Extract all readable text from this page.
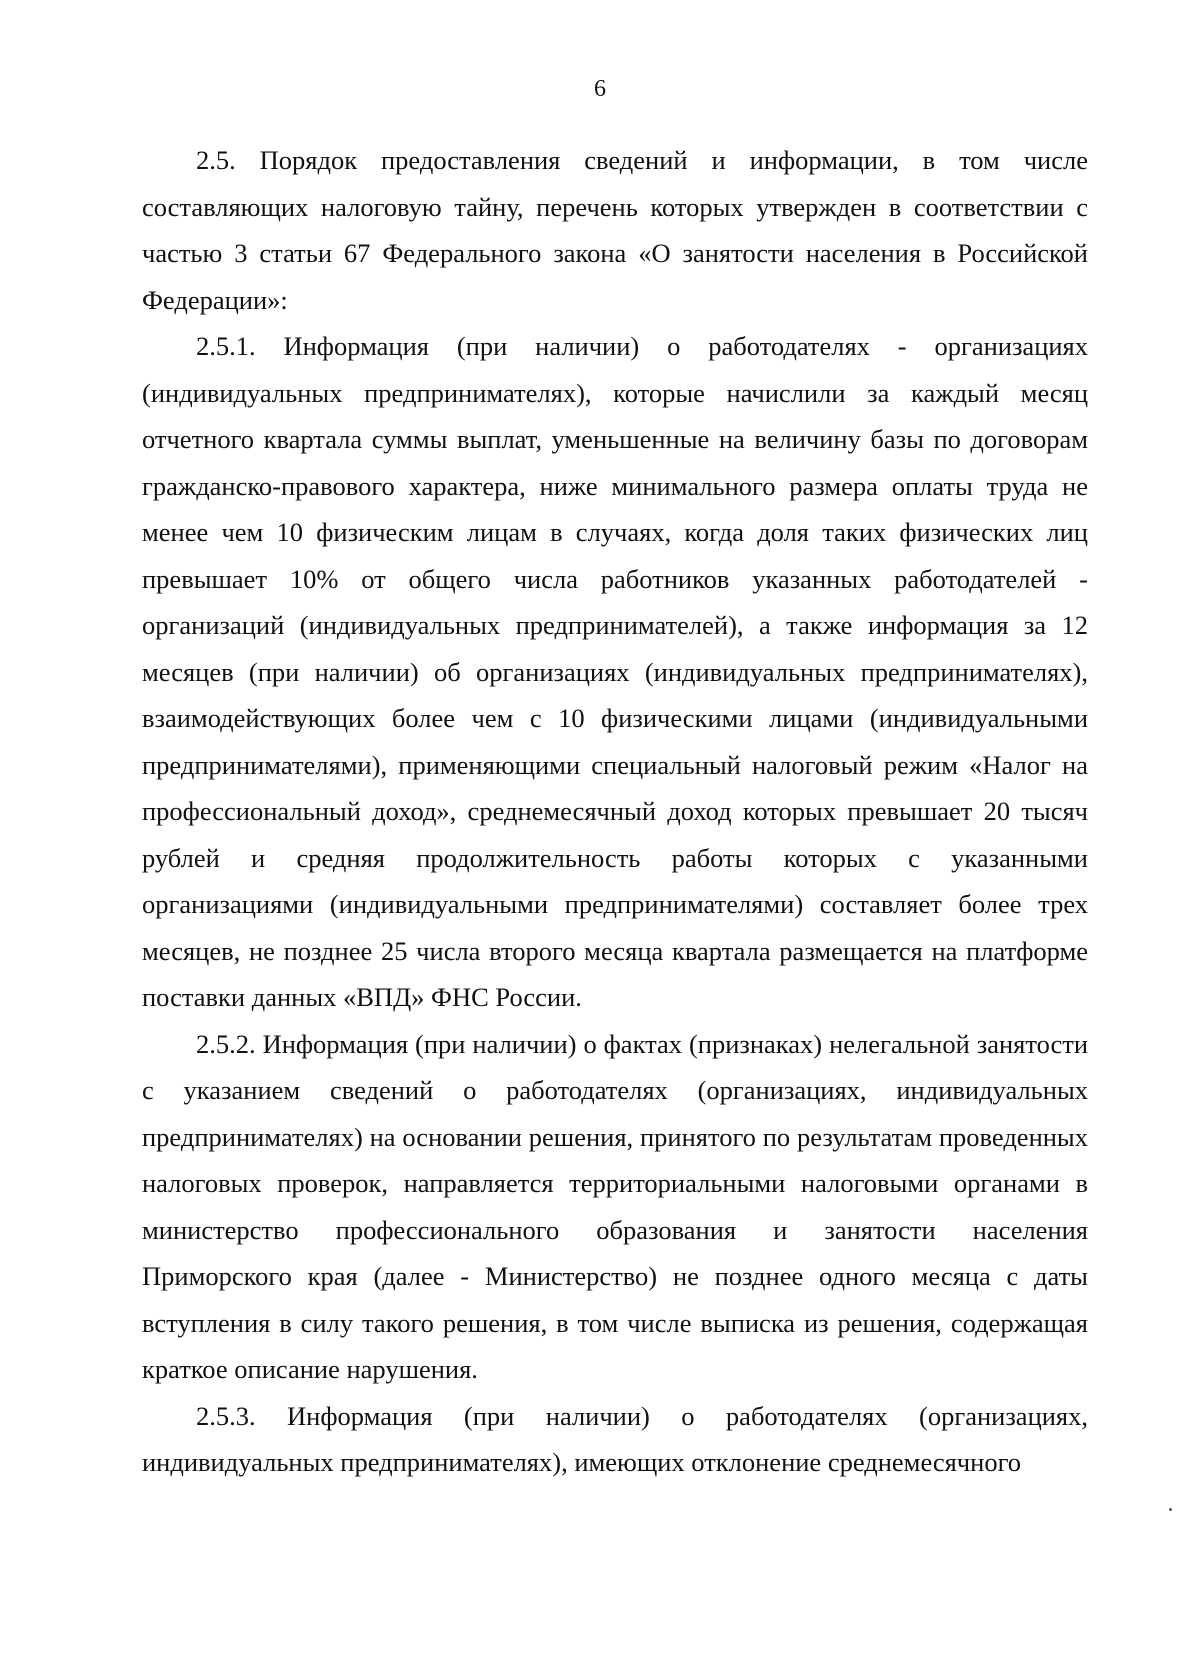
6

2.5. Порядок предоставления сведений и информации, в том числе составляющих налоговую тайну, перечень которых утвержден в соответствии с частью 3 статьи 67 Федерального закона «О занятости населения в Российской Федерации»:

2.5.1. Информация (при наличии) о работодателях - организациях (индивидуальных предпринимателях), которые начислили за каждый месяц отчетного квартала суммы выплат, уменьшенные на величину базы по договорам гражданско-правового характера, ниже минимального размера оплаты труда не менее чем 10 физическим лицам в случаях, когда доля таких физических лиц превышает 10% от общего числа работников указанных работодателей - организаций (индивидуальных предпринимателей), а также информация за 12 месяцев (при наличии) об организациях (индивидуальных предпринимателях), взаимодействующих более чем с 10 физическими лицами (индивидуальными предпринимателями), применяющими специальный налоговый режим «Налог на профессиональный доход», среднемесячный доход которых превышает 20 тысяч рублей и средняя продолжительность работы которых с указанными организациями (индивидуальными предпринимателями) составляет более трех месяцев, не позднее 25 числа второго месяца квартала размещается на платформе поставки данных «ВПД» ФНС России.

2.5.2. Информация (при наличии) о фактах (признаках) нелегальной занятости с указанием сведений о работодателях (организациях, индивидуальных предпринимателях) на основании решения, принятого по результатам проведенных налоговых проверок, направляется территориальными налоговыми органами в министерство профессионального образования и занятости населения Приморского края (далее - Министерство) не позднее одного месяца с даты вступления в силу такого решения, в том числе выписка из решения, содержащая краткое описание нарушения.

2.5.3. Информация (при наличии) о работодателях (организациях, индивидуальных предпринимателях), имеющих отклонение среднемесячного
